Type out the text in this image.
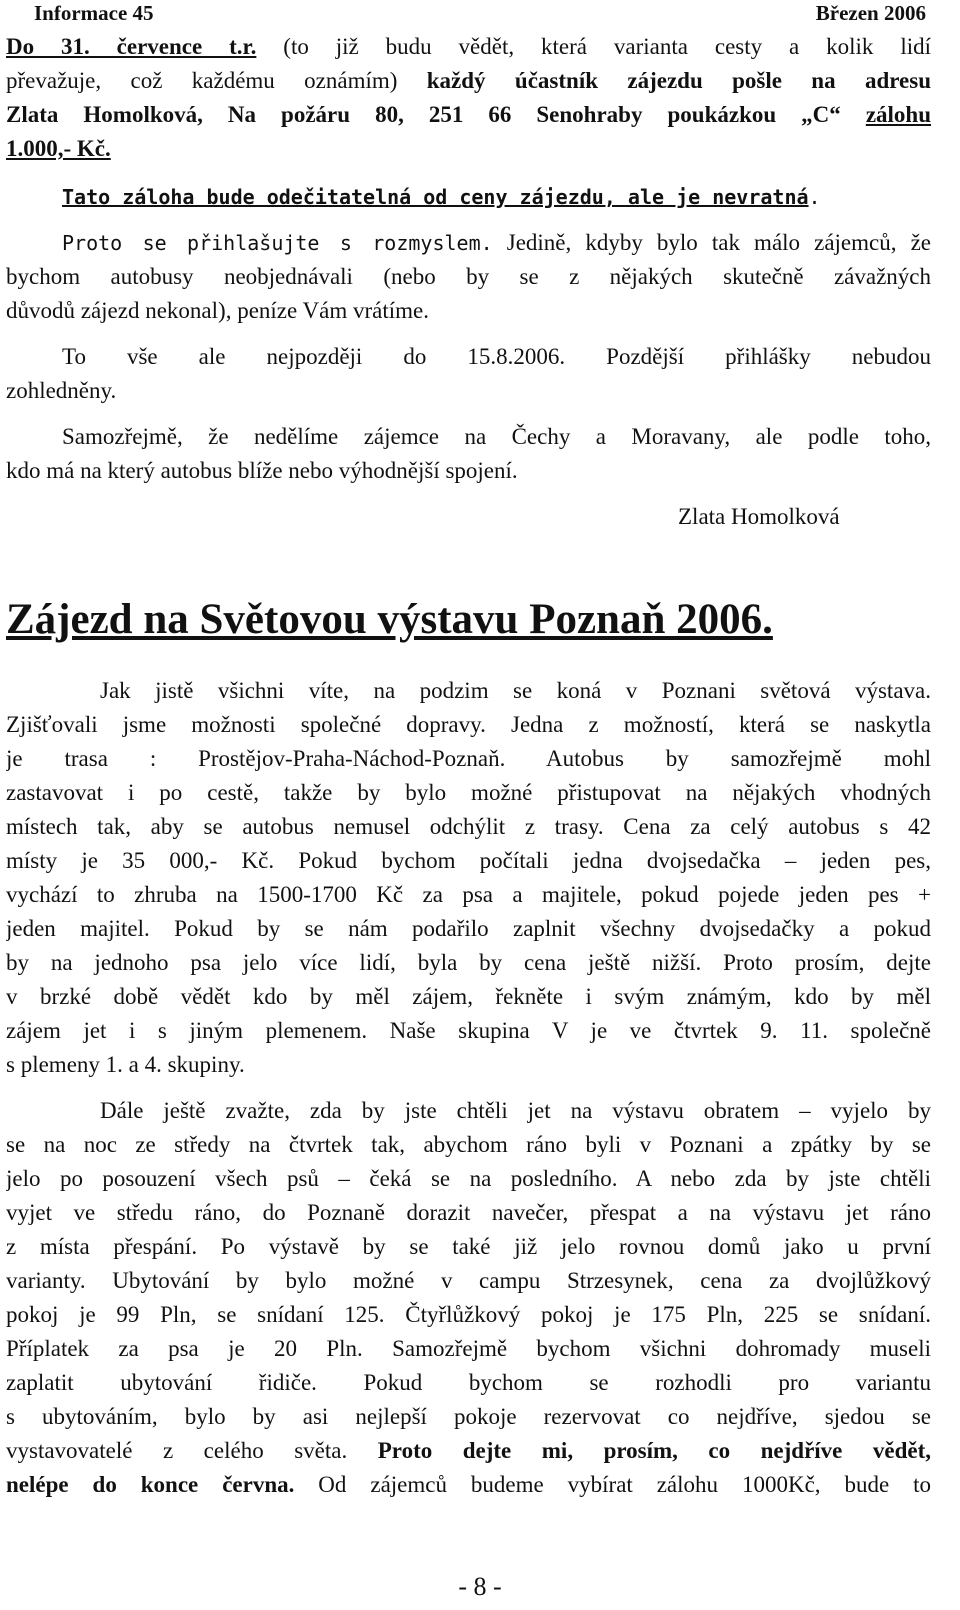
Informace 45	Březen 2006
Do 31. července t.r. (to již budu vědět, která varianta cesty a kolik lidí
převažuje, což každému oznámím) každý účastník zájezdu pošle na adresu
Zlata Homolková, Na požáru 80, 251 66 Senohraby poukázkou „C“ zálohu
1.000,- Kč.
Tato záloha bude odečitatelná od ceny zájezdu, ale je nevratná.
Proto se přihlašujte s rozmyslem. Jedině, kdyby bylo tak málo zájemců, že
bychom autobusy neobjednávali (nebo by se z nějakých skutečně závažných
důvodů zájezd nekonal), peníze Vám vrátíme.
To vše ale nejpozději do 15.8.2006. Pozdější přihlášky nebudou
zohledněny.
Samozřejmě, že nedělíme zájemce na Čechy a Moravany, ale podle toho,
kdo má na který autobus blíže nebo výhodnější spojení.
Zlata Homolková
Zájezd na Světovou výstavu Poznaň 2006.
Jak jistě všichni víte, na podzim se koná v Poznani světová výstava.
Zjišťovali jsme možnosti společné dopravy. Jedna z možností, která se naskytla
je trasa : Prostějov-Praha-Náchod-Poznaň. Autobus by samozřejmě mohl
zastavovat i po cestě, takže by bylo možné přistupovat na nějakých vhodných
místech tak, aby se autobus nemusel odchýlit z trasy. Cena za celý autobus s 42
místy je 35 000,- Kč. Pokud bychom počítali jedna dvojsedačka – jeden pes,
vychází to zhruba na 1500-1700 Kč za psa a majitele, pokud pojede jeden pes +
jeden majitel. Pokud by se nám podařilo zaplnit všechny dvojsedačky a pokud
by na jednoho psa jelo více lidí, byla by cena ještě nižší. Proto prosím, dejte
v brzké době vědět kdo by měl zájem, řekněte i svým známým, kdo by měl
zájem jet i s jiným plemenem. Naše skupina V je ve čtvrtek 9. 11. společně
s plemeny 1. a 4. skupiny.
Dále ještě zvažte, zda by jste chtěli jet na výstavu obratem – vyjelo by
se na noc ze středy na čtvrtek tak, abychom ráno byli v Poznani a zpátky by se
jelo po posouzení všech psů – čeká se na posledního. A nebo zda by jste chtěli
vyjet ve středu ráno, do Poznaně dorazit navečer, přespat a na výstavu jet ráno
z místa přespání. Po výstavě by se také již jelo rovnou domů jako u první
varianty. Ubytování by bylo možné v campu Strzesynek, cena za dvojlůžkový
pokoj je 99 Pln, se snídaní 125. Čtyřlůžkový pokoj je 175 Pln, 225 se snídaní.
Příplatek za psa je 20 Pln. Samozřejmě bychom všichni dohromady museli
zaplatit ubytování řidiče. Pokud bychom se rozhodli pro variantu
s ubytováním, bylo by asi nejlepší pokoje rezervovat co nejdříve, sjedou se
vystavovatelé z celého světa. Proto dejte mi, prosím, co nejdříve vědět,
nelépe do konce června. Od zájemců budeme vybírat zálohu 1000Kč, bude to
- 8 -
